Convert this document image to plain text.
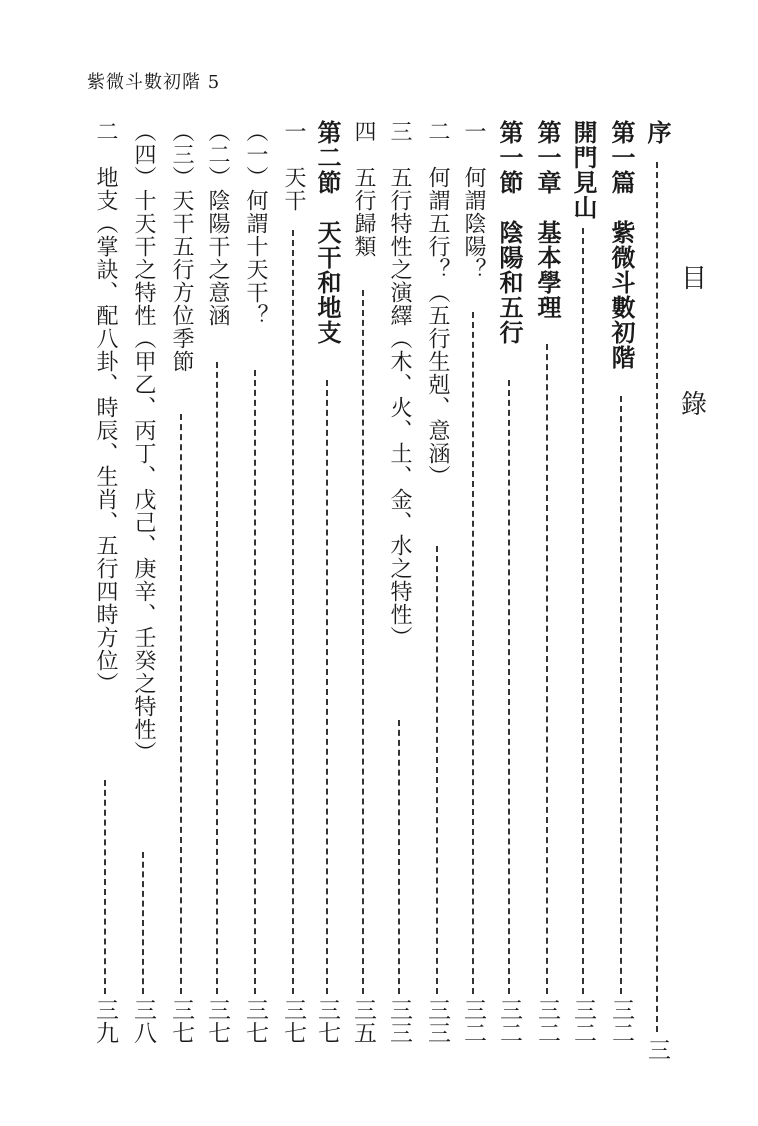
紫微斗數初階 5
目
錄
序
三
第一篇　紫微斗數初階
三二
開門見山
三二
第一章　基本學理
三二
第一節　陰陽和五行
三二
一　何謂陰陽？
三二
二　何謂五行？（五行生剋、意涵）
三三
三　五行特性之演繹（木、火、土、金、水之特性）
三三
四　五行歸類
三五
第二節　天干和地支
三七
一　天干
三七
（一）何謂十天干？
三七
（二）陰陽干之意涵
三七
（三）天干五行方位季節
三七
（四）十天干之特性（甲乙、丙丁、戊己、庚辛、壬癸之特性）
三八
二　地支（掌訣、配八卦、時辰、生肖、五行四時方位）
三九
